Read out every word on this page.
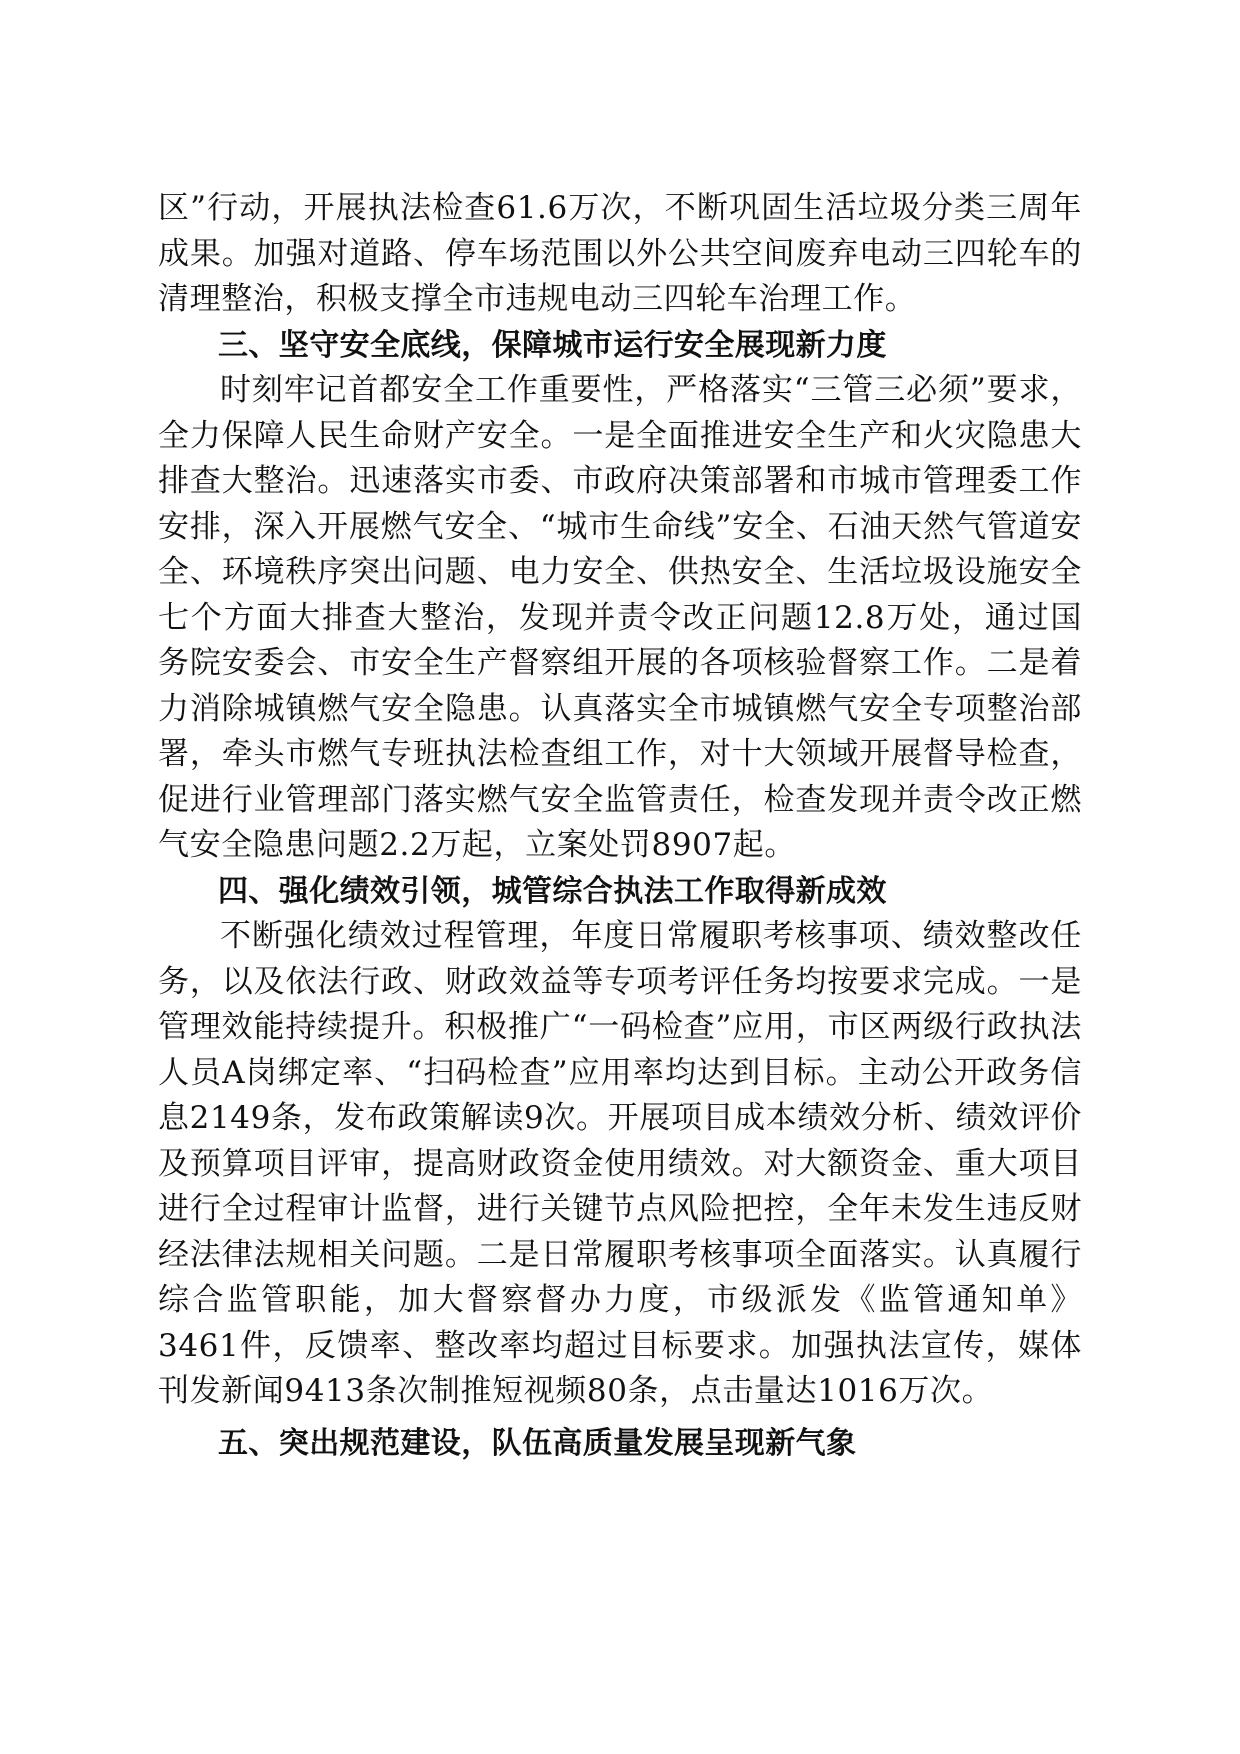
区”行动，开展执法检查61.6万次，不断巩固生活垃圾分类三周年成果。加强对道路、停车场范围以外公共空间废弃电动三四轮车的清理整治，积极支撑全市违规电动三四轮车治理工作。

三、坚守安全底线，保障城市运行安全展现新力度

时刻牢记首都安全工作重要性，严格落实“三管三必须”要求，全力保障人民生命财产安全。一是全面推进安全生产和火灾隐患大排查大整治。迅速落实市委、市政府决策部署和市城市管理委工作安排，深入开展燃气安全、“城市生命线”安全、石油天然气管道安全、环境秩序突出问题、电力安全、供热安全、生活垃圾设施安全七个方面大排查大整治，发现并责令改正问题12.8万处，通过国务院安委会、市安全生产督察组开展的各项核验督察工作。二是着力消除城镇燃气安全隐患。认真落实全市城镇燃气安全专项整治部署，牵头市燃气专班执法检查组工作，对十大领域开展督导检查，促进行业管理部门落实燃气安全监管责任，检查发现并责令改正燃气安全隐患问题2.2万起，立案处罚8907起。

四、强化绩效引领，城管综合执法工作取得新成效

不断强化绩效过程管理，年度日常履职考核事项、绩效整改任务，以及依法行政、财政效益等专项考评任务均按要求完成。一是管理效能持续提升。积极推广“一码检查”应用，市区两级行政执法人员A岗绑定率、“扫码检查”应用率均达到目标。主动公开政务信息2149条，发布政策解读9次。开展项目成本绩效分析、绩效评价及预算项目评审，提高财政资金使用绩效。对大额资金、重大项目进行全过程审计监督，进行关键节点风险把控，全年未发生违反财经法律法规相关问题。二是日常履职考核事项全面落实。认真履行综合监管职能，加大督察督办力度，市级派发《监管通知单》3461件，反馈率、整改率均超过目标要求。加强执法宣传，媒体刊发新闻9413条次制推短视频80条，点击量达1016万次。

五、突出规范建设，队伍高质量发展呈现新气象
